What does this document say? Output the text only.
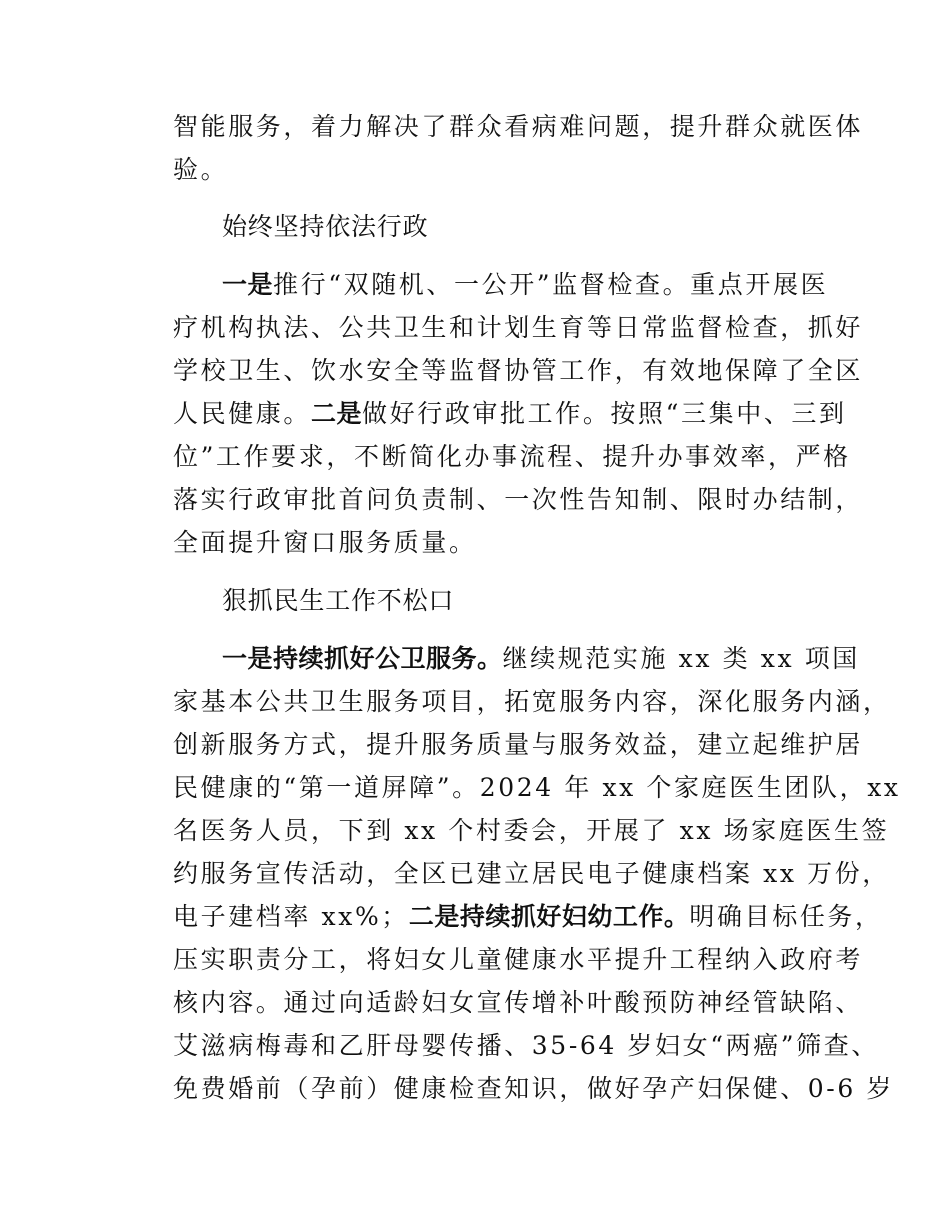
智能服务，着力解决了群众看病难问题，提升群众就医体

验。

始终坚持依法行政

一是推行“双随机、一公开”监督检查。重点开展医

疗机构执法、公共卫生和计划生育等日常监督检查，抓好

学校卫生、饮水安全等监督协管工作，有效地保障了全区

人民健康。二是做好行政审批工作。按照“三集中、三到

位”工作要求，不断简化办事流程、提升办事效率，严格

落实行政审批首问负责制、一次性告知制、限时办结制，

全面提升窗口服务质量。

狠抓民生工作不松口

一是持续抓好公卫服务。继续规范实施 xx 类 xx 项国

家基本公共卫生服务项目，拓宽服务内容，深化服务内涵，

创新服务方式，提升服务质量与服务效益，建立起维护居

民健康的“第一道屏障”。2024 年 xx 个家庭医生团队，xx

名医务人员，下到 xx 个村委会，开展了 xx 场家庭医生签

约服务宣传活动，全区已建立居民电子健康档案 xx 万份，

电子建档率 xx%；二是持续抓好妇幼工作。明确目标任务，

压实职责分工，将妇女儿童健康水平提升工程纳入政府考

核内容。通过向适龄妇女宣传增补叶酸预防神经管缺陷、

艾滋病梅毒和乙肝母婴传播、35-64 岁妇女“两癌”筛查、

免费婚前（孕前）健康检查知识，做好孕产妇保健、0-6 岁
